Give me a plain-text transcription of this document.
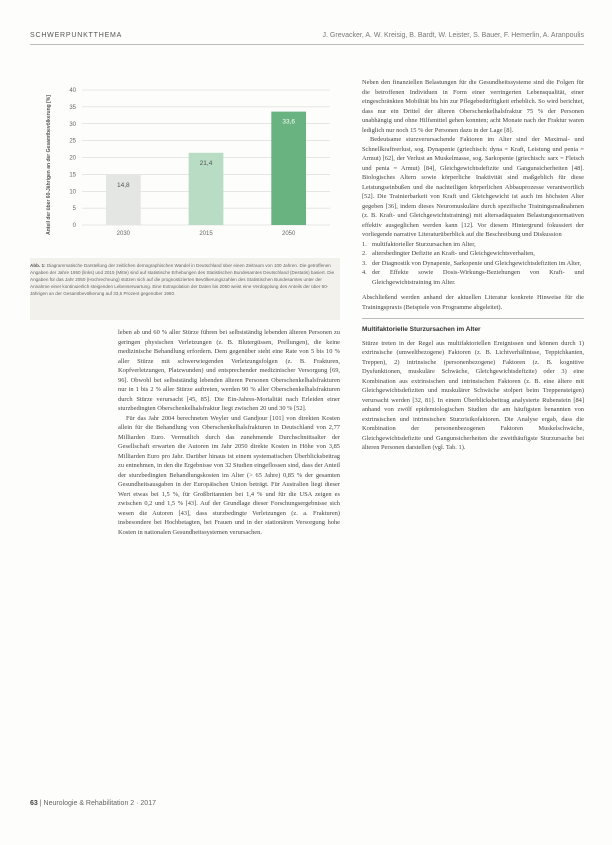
SCHWERPUNKTTHEMA	J. Grevacker, A. W. Kreisig, B. Bardt, W. Leister, S. Bauer, F. Hemerlin, A. Aranpoulis
0
5
10
15
20
25
30
35
40
14,8
21,4
33,6
2030	2015	2050
Anteil der über 60-Jährigen an der Gesamtbevölkerung [%]
Abb. 1: Diagrammatische Darstellung der zeitlichen demographischen Wandel in Deutschland über einen Zeitraum von 100 Jahren. Die getroffenen Angaben der Jahre 1950 (links) und 2015 (Mitte) sind auf statistische Erhebungen des Statistischen Bundesamtes Deutschland (Destatis) basiert. Die Angaben für das Jahr 2050 (Hochrechnung) stützen sich auf die prognostizierten Bevölkerungszahlen des Statistischen Bundesamtes unter der Annahme einer kontinuierlich steigenden Lebenserwartung. Eine Extrapolation der Daten bis 2050 weist eine Verdopplung des Anteils der über 60-Jährigen an der Gesamtbevölkerung auf 33,6 Prozent gegenüber 1950.

leben ab und 60 % aller Stürze führen bei selbstständig lebenden älteren Personen zu geringen physischen Verletzungen (z. B. Blutergüssen, Prellungen), die keine medizinische Behandlung erfordern. Dem gegenüber steht eine Rate von 5 bis 10 % aller Stürze mit schwerwiegenden Verletzungsfolgen (z. B. Frakturen, Kopfverletzungen, Platzwunden) und entsprechender medizinischer Versorgung [69, 96]. Obwohl bei selbstständig lebenden älteren Personen Oberschenkelhalsfrakturen nur in 1 bis 2 % aller Stürze auftreten, werden 90 % aller Oberschenkelhalsfrakturen durch Stürze verursacht [45, 85]. Die Ein-Jahres-Mortalität nach Erleiden einer sturzbedingten Oberschenkelhalsfraktur liegt zwischen 20 und 30 % [52].

Für das Jahr 2004 berechneten Weyler und Gandjour [101] von direkten Kosten allein für die Behandlung von Oberschenkelhalsfrakturen in Deutschland von 2,77 Milliarden Euro. Vermutlich durch das zunehmende Durchschnittsalter der Gesellschaft erwarten die Autoren im Jahr 2050 direkte Kosten in Höhe von 3,85 Milliarden Euro pro Jahr. Darüber hinaus ist einem systematischen Überblicksbeitrag zu entnehmen, in den die Ergebnisse von 32 Studien eingeflossen sind, dass der Anteil der sturzbedingten Behandlungskosten im Alter (> 65 Jahre) 0,85 % der gesamten Gesundheitsausgaben in der Europäischen Union beträgt. Für Australien liegt dieser Wert etwas bei 1,5 %, für Großbritannien bei 1,4 % und für die USA zeigen es zwischen 0,2 und 1,5 % [43]. Auf der Grundlage dieser Forschungsergebnisse sich wesen die Autoren [43], dass sturzbedingte Verletzungen (z. a. Frakturen) insbesondere bei Hochbetagten, bei Frauen und in der stationären Versorgung hohe Kosten in nationalen Gesundheitssystemen verursachen.

Neben den finanziellen Belastungen für die Gesundheitssysteme sind die Folgen für die betroffenen Individuen in Form einer verringerten Lebensqualität, einer eingeschränkten Mobilität bis hin zur Pflegebedürftigkeit erheblich. So wird berichtet, dass nur ein Drittel der älteren Oberschenkelhalsfraktur 75 % der Personen unabhängig und ohne Hilfsmittel gehen konnten; acht Monate nach der Fraktur waren lediglich nur noch 15 % der Personen dazu in der Lage [8].

Bedeutsame sturzverursachende Faktoren im Alter sind der Maximal- und Schnellkraftverlust, sog. Dynapenie (griechisch: dyna = Kraft, Leistung und penia = Armut) [62], der Verlust an Muskelmasse, sog. Sarkopenie (griechisch: sarx = Fleisch und penia = Armut) [84], Gleichgewichtsdefizite und Gangunsicherheiten [48]. Biologisches Altern sowie körperliche Inaktivität sind maßgeblich für diese Leistungseinbußen und die nachteiligen körperlichen Abbauprozesse verantwortlich [52]. Die Trainierbarkeit von Kraft und Gleichgewicht ist auch im höchsten Alter gegeben [36], indem dieses Neuromuskuläre durch spezifische Trainingsmaßnahmen (z. B. Kraft- und Gleichgewichtstraining) mit altersadäquaten Belastungsnormativen effektiv ausgeglichen werden kann [12]. Vor diesem Hintergrund fokussiert der vorliegende narrative Literaturüberblick auf die Beschreibung und Diskussion

1. multifaktorieller Sturzursachen im Alter,
2. altersbedingter Defizite an Kraft- und Gleichgewichtsverhalten,
3. der Diagnostik von Dynapenie, Sarkopenie und Gleichgewichtsdefiziten im Alter,
4. der Effekte sowie Dosis-Wirkungs-Beziehungen von Kraft- und Gleichgewichtstraining im Alter.

Abschließend werden anhand der aktuellen Literatur konkrete Hinweise für die Trainingspraxis (Beispiele von Programme abgeleitet).

Multifaktorielle Sturzursachen im Alter

Stürze treten in der Regel aus multifaktoriellen Ereignissen und können durch 1) extrinsische (umweltbezogene) Faktoren (z. B. Lichtverhältnisse, Teppichkanten, Treppen), 2) intrinsische (personenbezogene) Faktoren (z. B. kognitive Dysfunktionen, muskuläre Schwäche, Gleichgewichtsdefizite) oder 3) eine Kombination aus extrinsischen und intrinsischen Faktoren (z. B. eine ältere mit Gleichgewichtsdefiziten und muskulärer Schwäche stolpert beim Treppensteigen) verursacht werden [32, 81]. In einem Überblicksbeitrag analysierte Rubenstein [84] anhand von zwölf epidemiologischen Studien die am häufigsten benannten von extrinsischen und intrinsischen Sturzrisikofaktoren. Die Analyse ergab, dass die Kombination der personenbezogenen Faktoren Muskelschwäche, Gleichgewichtsdefizite und Gangunsicherheiten die zweithäufigste Sturzursache bei älteren Personen darstellen (vgl. Tab. 1).

63 | Neurologie & Rehabilitation 2 · 2017
